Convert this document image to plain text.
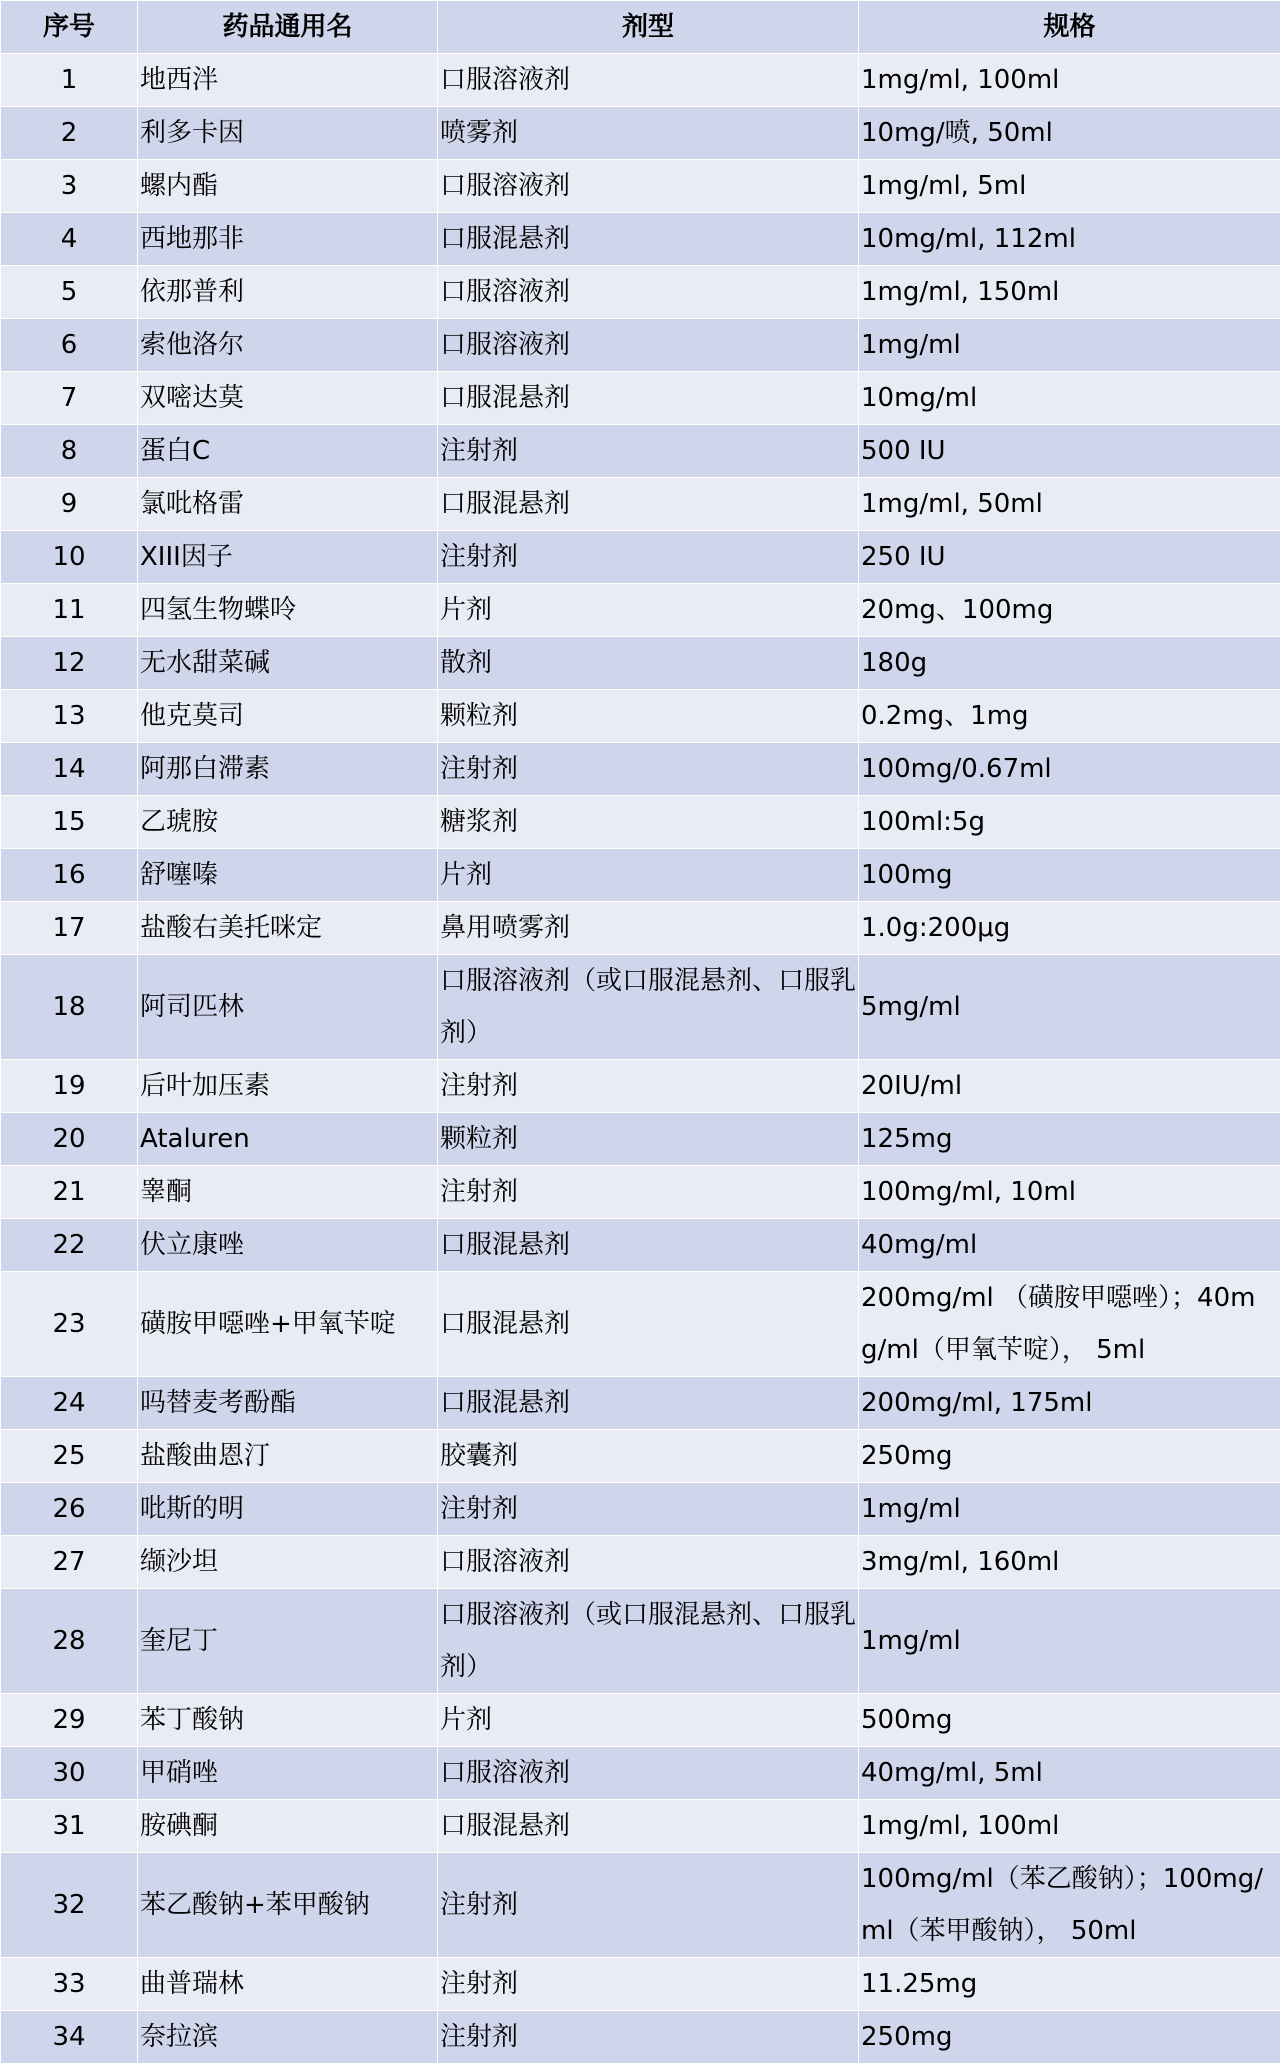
序号	药品通用名	剂型	规格
1	地西泮	口服溶液剂	1mg/ml, 100ml
2	利多卡因	喷雾剂	10mg/喷, 50ml
3	螺内酯	口服溶液剂	1mg/ml, 5ml
4	西地那非	口服混悬剂	10mg/ml, 112ml
5	依那普利	口服溶液剂	1mg/ml, 150ml
6	索他洛尔	口服溶液剂	1mg/ml
7	双嘧达莫	口服混悬剂	10mg/ml
8	蛋白C	注射剂	500 IU
9	氯吡格雷	口服混悬剂	1mg/ml, 50ml
10	XIII因子	注射剂	250 IU
11	四氢生物蝶呤	片剂	20mg、100mg
12	无水甜菜碱	散剂	180g
13	他克莫司	颗粒剂	0.2mg、1mg
14	阿那白滞素	注射剂	100mg/0.67ml
15	乙琥胺	糖浆剂	100ml:5g
16	舒噻嗪	片剂	100mg
17	盐酸右美托咪定	鼻用喷雾剂	1.0g:200μg
18	阿司匹林	口服溶液剂（或口服混悬剂、口服乳剂）	5mg/ml
19	后叶加压素	注射剂	20IU/ml
20	Ataluren	颗粒剂	125mg
21	睾酮	注射剂	100mg/ml, 10ml
22	伏立康唑	口服混悬剂	40mg/ml
23	磺胺甲噁唑+甲氧苄啶	口服混悬剂	200mg/ml （磺胺甲噁唑）；40mg/ml（甲氧苄啶）， 5ml
24	吗替麦考酚酯	口服混悬剂	200mg/ml, 175ml
25	盐酸曲恩汀	胶囊剂	250mg
26	吡斯的明	注射剂	1mg/ml
27	缬沙坦	口服溶液剂	3mg/ml, 160ml
28	奎尼丁	口服溶液剂（或口服混悬剂、口服乳剂）	1mg/ml
29	苯丁酸钠	片剂	500mg
30	甲硝唑	口服溶液剂	40mg/ml, 5ml
31	胺碘酮	口服混悬剂	1mg/ml, 100ml
32	苯乙酸钠+苯甲酸钠	注射剂	100mg/ml（苯乙酸钠）；100mg/ml（苯甲酸钠）， 50ml
33	曲普瑞林	注射剂	11.25mg
34	奈拉滨	注射剂	250mg
